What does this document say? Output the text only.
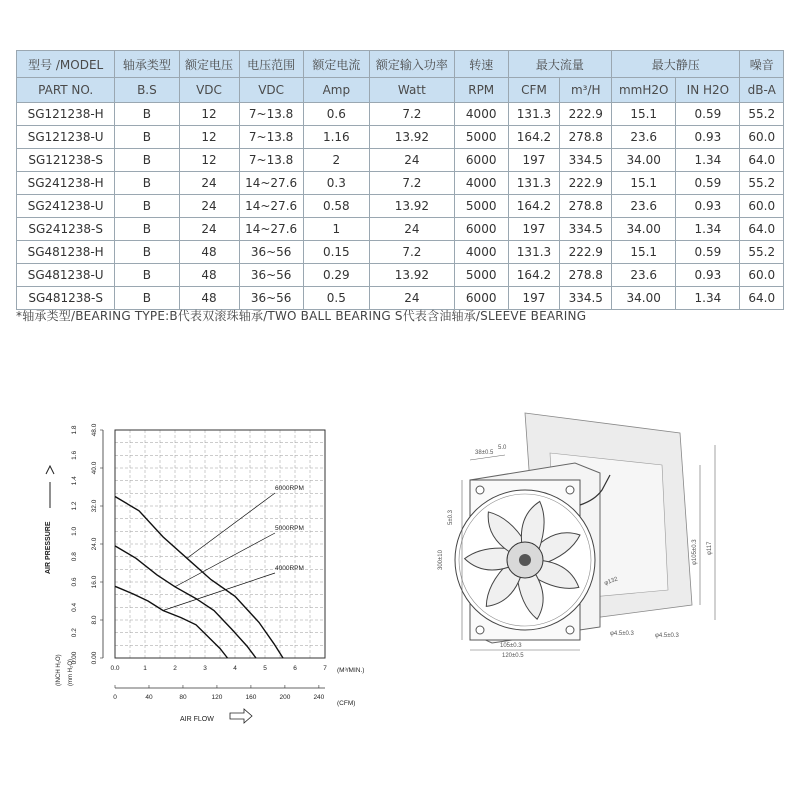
型号 /MODEL	轴承类型	额定电压	电压范围	额定电流	额定输入功率	转速	最大流量		最大静压		噪音
PART NO.	B.S	VDC	VDC	Amp	Watt	RPM	CFM	m³/H	mmH2O	IN H2O	dB-A
SG121238-H	B	12	7~13.8	0.6	7.2	4000	131.3	222.9	15.1	0.59	55.2
SG121238-U	B	12	7~13.8	1.16	13.92	5000	164.2	278.8	23.6	0.93	60.0
SG121238-S	B	12	7~13.8	2	24	6000	197	334.5	34.00	1.34	64.0
SG241238-H	B	24	14~27.6	0.3	7.2	4000	131.3	222.9	15.1	0.59	55.2
SG241238-U	B	24	14~27.6	0.58	13.92	5000	164.2	278.8	23.6	0.93	60.0
SG241238-S	B	24	14~27.6	1	24	6000	197	334.5	34.00	1.34	64.0
SG481238-H	B	48	36~56	0.15	7.2	4000	131.3	222.9	15.1	0.59	55.2
SG481238-U	B	48	36~56	0.29	13.92	5000	164.2	278.8	23.6	0.93	60.0
SG481238-S	B	48	36~56	0.5	24	6000	197	334.5	34.00	1.34	64.0
*轴承类型/BEARING TYPE:B代表双滚珠轴承/TWO BALL BEARING S代表含油轴承/SLEEVE BEARING
0.00
0.2
0.4
0.6
0.8
1.0
1.2
1.4
1.6
1.8
0.00
8.0
16.0
24.0
32.0
40.0
48.0
0.0	1	2	3	4	5	6	7 (M³/MIN.)
0	40	80	120	160	200	240
(CFM)
(INCH H₂O) (mm H₂O)
AIR PRESSURE
AIR FLOW
6000RPM
5000RPM
4000RPM
38±0.5
5.0
105±0.3
120±0.5
300±10
5±0.3
φ4.5±0.3	φ4.5±0.3
φ105±0.3 φ117
φ132
